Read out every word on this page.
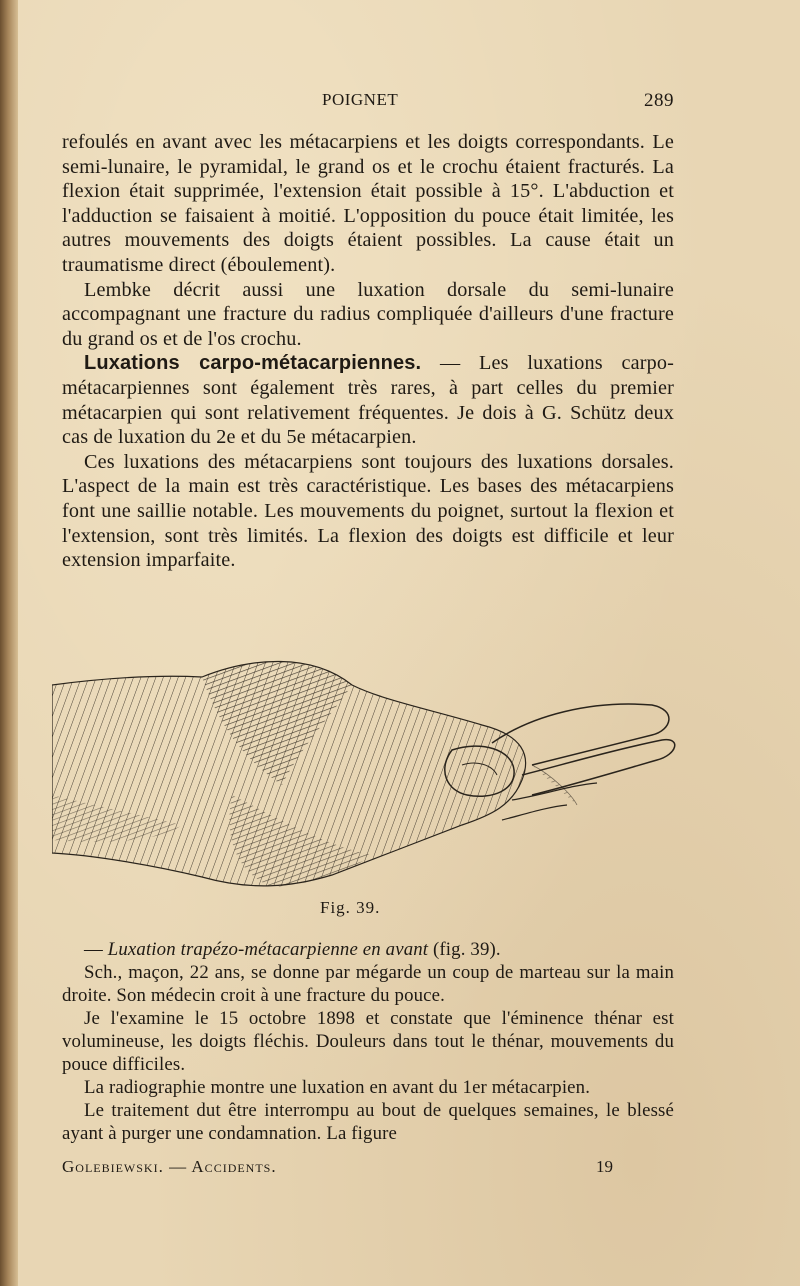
POIGNET	289

refoulés en avant avec les métacarpiens et les doigts correspondants. Le semi-lunaire, le pyramidal, le grand os et le crochu étaient fracturés. La flexion était supprimée, l'extension était possible à 15°. L'abduction et l'adduction se faisaient à moitié. L'opposition du pouce était limitée, les autres mouvements des doigts étaient possibles. La cause était un traumatisme direct (éboulement).

Lembke décrit aussi une luxation dorsale du semi-lunaire accompagnant une fracture du radius compliquée d'ailleurs d'une fracture du grand os et de l'os crochu.

Luxations carpo-métacarpiennes. — Les luxations carpo-métacarpiennes sont également très rares, à part celles du premier métacarpien qui sont relativement fréquentes. Je dois à G. Schütz deux cas de luxation du 2e et du 5e métacarpien.

Ces luxations des métacarpiens sont toujours des luxations dorsales. L'aspect de la main est très caractéristique. Les bases des métacarpiens font une saillie notable. Les mouvements du poignet, surtout la flexion et l'extension, sont très limités. La flexion des doigts est difficile et leur extension imparfaite.

Fig. 39.

— Luxation trapézo-métacarpienne en avant (fig. 39).

Sch., maçon, 22 ans, se donne par mégarde un coup de marteau sur la main droite. Son médecin croit à une fracture du pouce.

Je l'examine le 15 octobre 1898 et constate que l'éminence thénar est volumineuse, les doigts fléchis. Douleurs dans tout le thénar, mouvements du pouce difficiles.

La radiographie montre une luxation en avant du 1er métacarpien.

Le traitement dut être interrompu au bout de quelques semaines, le blessé ayant à purger une condamnation. La figure

Golebiewski. — Accidents.	19
